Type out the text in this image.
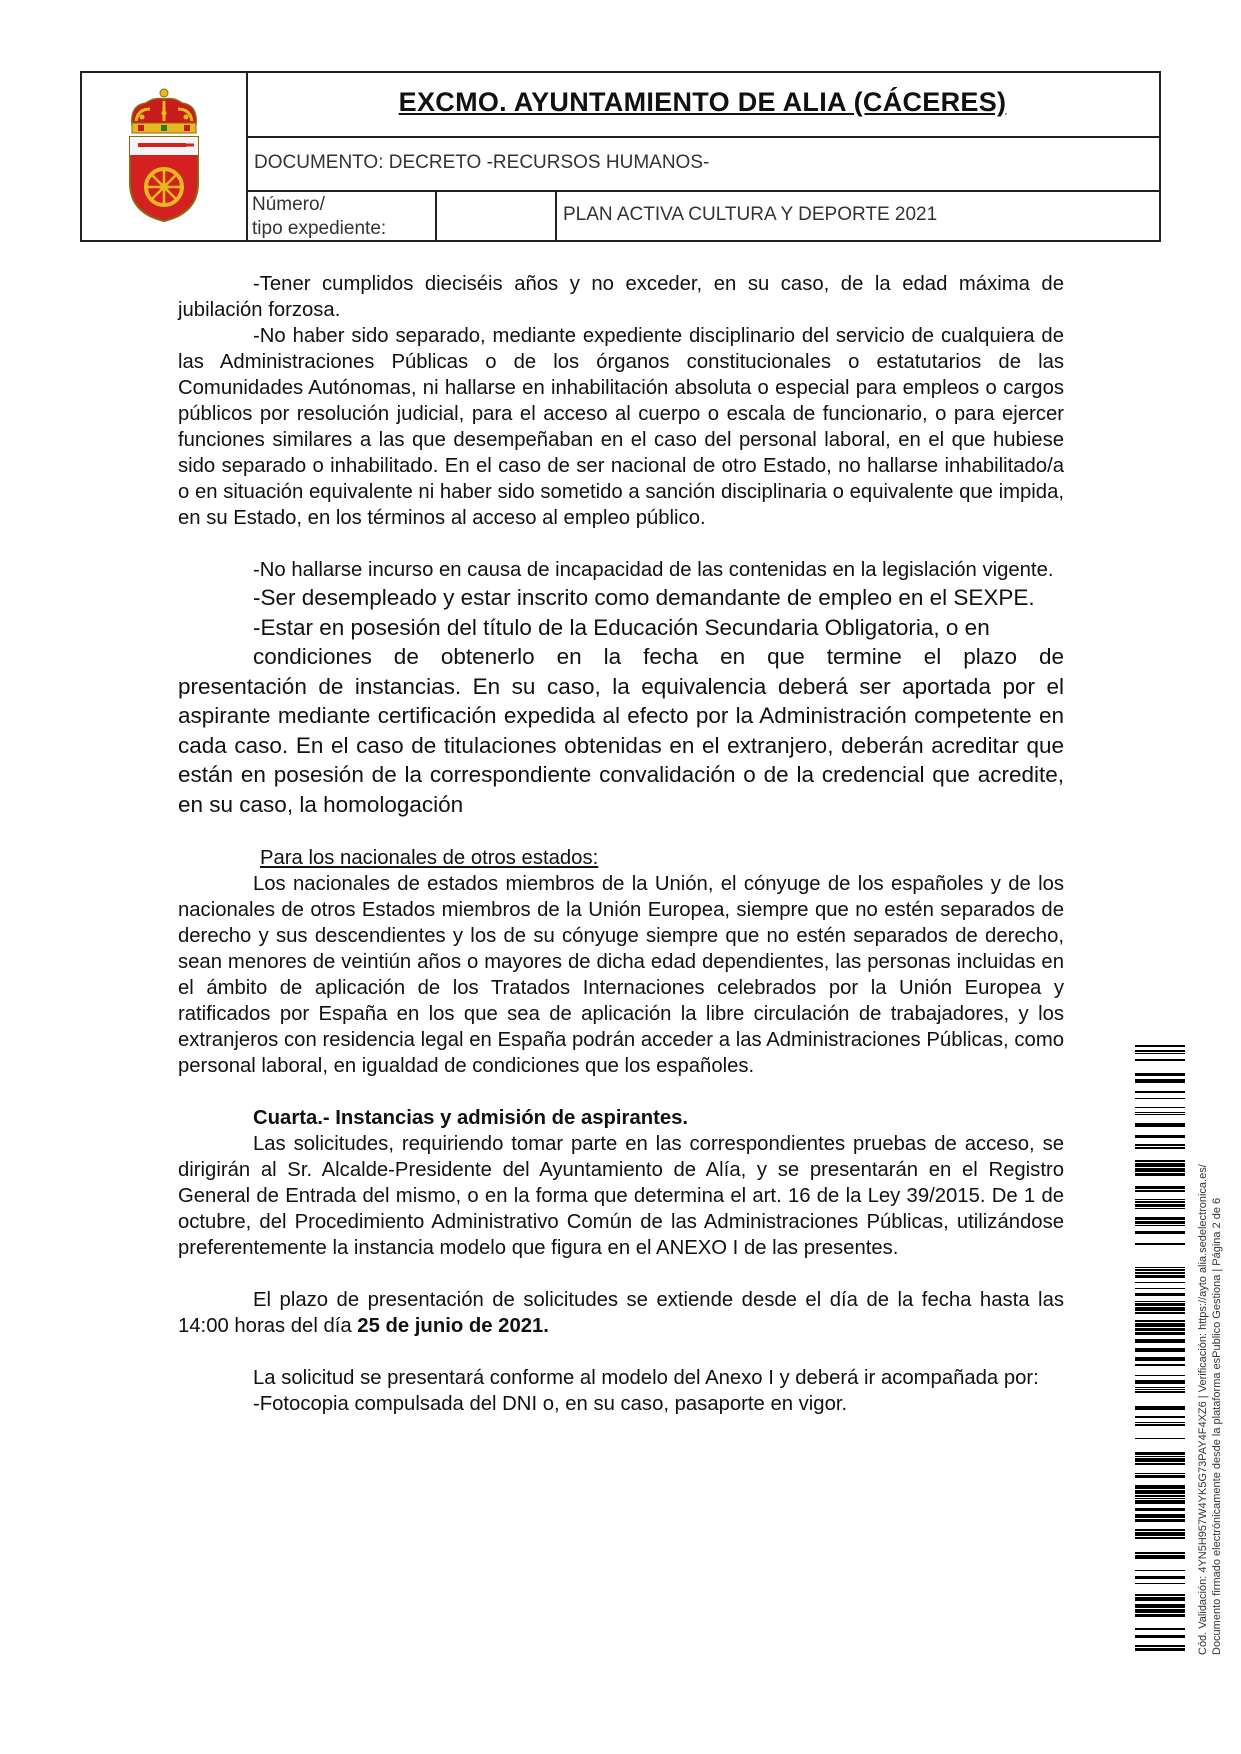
EXCMO. AYUNTAMIENTO DE ALIA (CÁCERES)
DOCUMENTO: DECRETO -RECURSOS HUMANOS-
Número/
tipo expediente:
PLAN ACTIVA CULTURA Y DEPORTE 2021

-Tener cumplidos dieciséis años y no exceder, en su caso, de la edad máxima de jubilación forzosa.

-No haber sido separado, mediante expediente disciplinario del servicio de cualquiera de las Administraciones Públicas o de los órganos constitucionales o estatutarios de las Comunidades Autónomas, ni hallarse en inhabilitación absoluta o especial para empleos o cargos públicos por resolución judicial, para el acceso al cuerpo o escala de funcionario, o para ejercer funciones similares a las que desempeñaban en el caso del personal laboral, en el que hubiese sido separado o inhabilitado. En el caso de ser nacional de otro Estado, no hallarse inhabilitado/a o en situación equivalente ni haber sido sometido a sanción disciplinaria o equivalente que impida, en su Estado, en los términos al acceso al empleo público.

-No hallarse incurso en causa de incapacidad de las contenidas en la legislación vigente.

-Ser desempleado y estar inscrito como demandante de empleo en el SEXPE.

-Estar en posesión del título de la Educación Secundaria Obligatoria, o en

condiciones de obtenerlo en la fecha en que termine el plazo de

presentación de instancias. En su caso, la equivalencia deberá ser aportada por el aspirante mediante certificación expedida al efecto por la Administración competente en cada caso. En el caso de titulaciones obtenidas en el extranjero, deberán acreditar que están en posesión de la correspondiente convalidación o de la credencial que acredite, en su caso, la homologación

Para los nacionales de otros estados:

Los nacionales de estados miembros de la Unión, el cónyuge de los españoles y de los nacionales de otros Estados miembros de la Unión Europea, siempre que no estén separados de derecho y sus descendientes y los de su cónyuge siempre que no estén separados de derecho, sean menores de veintiún años o mayores de dicha edad dependientes, las personas incluidas en el ámbito de aplicación de los Tratados Internaciones celebrados por la Unión Europea y ratificados por España en los que sea de aplicación la libre circulación de trabajadores, y los extranjeros con residencia legal en España podrán acceder a las Administraciones Públicas, como personal laboral, en igualdad de condiciones que los españoles.

Cuarta.- Instancias y admisión de aspirantes.

Las solicitudes, requiriendo tomar parte en las correspondientes pruebas de acceso, se dirigirán al Sr. Alcalde-Presidente del Ayuntamiento de Alía, y se presentarán en el Registro General de Entrada del mismo, o en la forma que determina el art. 16 de la Ley 39/2015. De 1 de octubre, del Procedimiento Administrativo Común de las Administraciones Públicas, utilizándose preferentemente la instancia modelo que figura en el ANEXO I de las presentes.

El plazo de presentación de solicitudes se extiende desde el día de la fecha hasta las 14:00 horas del día 25 de junio de 2021.

La solicitud se presentará conforme al modelo del Anexo I y deberá ir acompañada por:

-Fotocopia compulsada del DNI o, en su caso, pasaporte en vigor.	Cód. Validación: 4YN5H957W4YK5G73PAY4F4XZ6 | Verificación: https://ayto alia.sedelectronica.es/ Documento firmado electrónicamente desde la plataforma esPublico Gestiona | Página 2 de 6
